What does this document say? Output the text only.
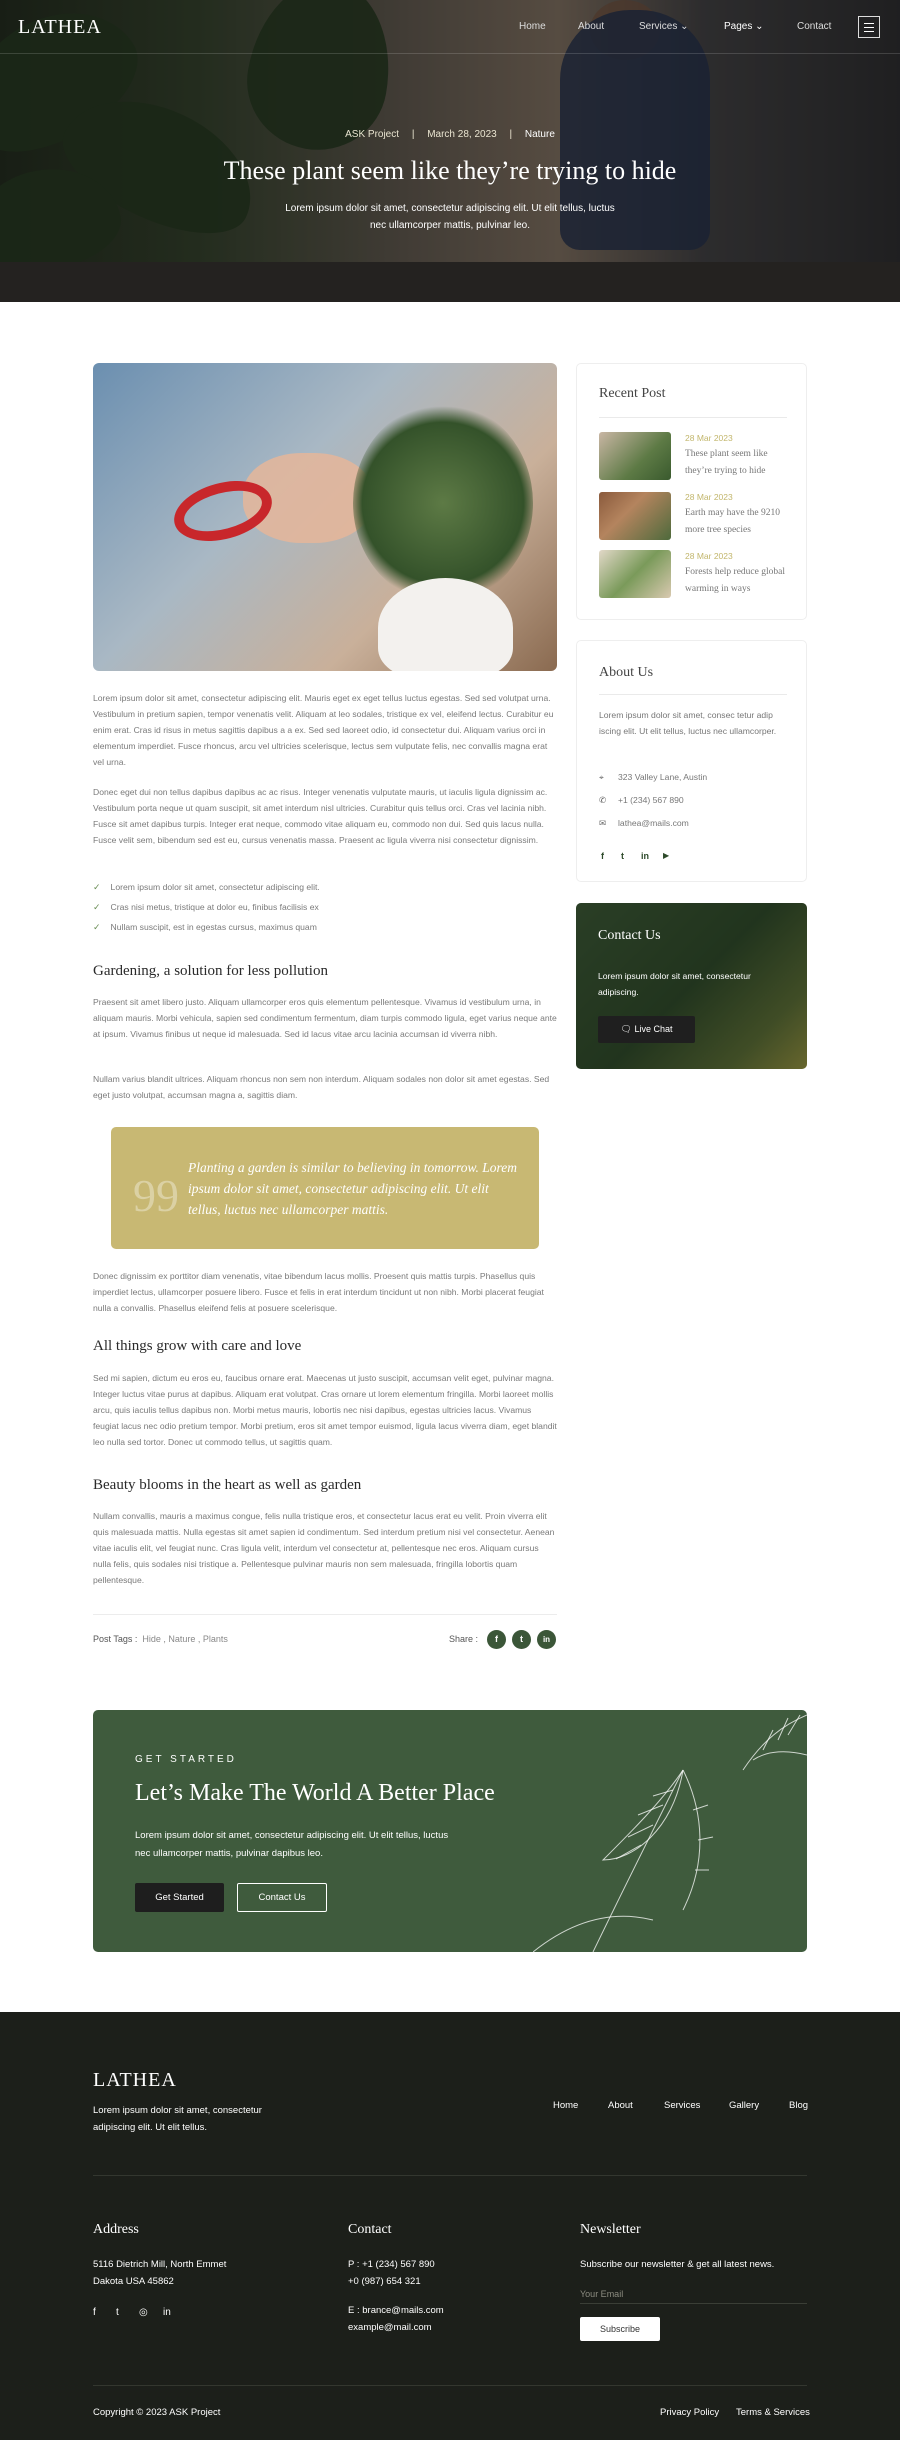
LATHEA	Home	About	Services ⌄	Pages ⌄	Contact
ASK Project | March 28, 2023 | Nature
These plant seem like they’re trying to hide
Lorem ipsum dolor sit amet, consectetur adipiscing elit. Ut elit tellus, luctus nec ullamcorper mattis, pulvinar leo.
Lorem ipsum dolor sit amet, consectetur adipiscing elit. Mauris eget ex eget tellus luctus egestas. Sed sed volutpat urna. Vestibulum in pretium sapien, tempor venenatis velit. Aliquam at leo sodales, tristique ex vel, eleifend lectus. Curabitur eu enim erat. Cras id risus in metus sagittis dapibus a a ex. Sed sed laoreet odio, id consectetur dui. Aliquam varius orci in elementum imperdiet. Fusce rhoncus, arcu vel ultricies scelerisque, lectus sem vulputate felis, nec convallis magna erat vel urna.
Donec eget dui non tellus dapibus dapibus ac ac risus. Integer venenatis vulputate mauris, ut iaculis ligula dignissim ac. Vestibulum porta neque ut quam suscipit, sit amet interdum nisl ultricies. Curabitur quis tellus orci. Cras vel lacinia nibh. Fusce sit amet dapibus turpis. Integer erat neque, commodo vitae aliquam eu, commodo non dui. Sed quis lacus nulla. Fusce velit sem, bibendum sed est eu, cursus venenatis massa. Praesent ac ligula viverra nisi consectetur dignissim.
✓ Lorem ipsum dolor sit amet, consectetur adipiscing elit.
✓ Cras nisi metus, tristique at dolor eu, finibus facilisis ex
✓ Nullam suscipit, est in egestas cursus, maximus quam
Gardening, a solution for less pollution
Praesent sit amet libero justo. Aliquam ullamcorper eros quis elementum pellentesque. Vivamus id vestibulum urna, in aliquam mauris. Morbi vehicula, sapien sed condimentum fermentum, diam turpis commodo ligula, eget varius neque ante at ipsum. Vivamus finibus ut neque id malesuada. Sed id lacus vitae arcu lacinia accumsan id viverra nibh.
Nullam varius blandit ultrices. Aliquam rhoncus non sem non interdum. Aliquam sodales non dolor sit amet egestas. Sed eget justo volutpat, accumsan magna a, sagittis diam.
99
Planting a garden is similar to believing in tomorrow. Lorem ipsum dolor sit amet, consectetur adipiscing elit. Ut elit tellus, luctus nec ullamcorper mattis.
Donec dignissim ex porttitor diam venenatis, vitae bibendum lacus mollis. Proesent quis mattis turpis. Phasellus quis imperdiet lectus, ullamcorper posuere libero. Fusce et felis in erat interdum tincidunt ut non nibh. Morbi placerat feugiat nulla a convallis. Phasellus eleifend felis at posuere scelerisque.
All things grow with care and love
Sed mi sapien, dictum eu eros eu, faucibus ornare erat. Maecenas ut justo suscipit, accumsan velit eget, pulvinar magna. Integer luctus vitae purus at dapibus. Aliquam erat volutpat. Cras ornare ut lorem elementum fringilla. Morbi laoreet mollis arcu, quis iaculis tellus dapibus non. Morbi metus mauris, lobortis nec nisi dapibus, egestas ultricies lacus. Vivamus feugiat lacus nec odio pretium tempor. Morbi pretium, eros sit amet tempor euismod, ligula lacus viverra diam, eget blandit leo nulla sed tortor. Donec ut commodo tellus, ut sagittis quam.
Beauty blooms in the heart as well as garden
Nullam convallis, mauris a maximus congue, felis nulla tristique eros, et consectetur lacus erat eu velit. Proin viverra elit quis malesuada mattis. Nulla egestas sit amet sapien id condimentum. Sed interdum pretium nisi vel consectetur. Aenean vitae iaculis elit, vel feugiat nunc. Cras ligula velit, interdum vel consectetur at, pellentesque nec eros. Aliquam cursus nulla felis, quis sodales nisi tristique a. Pellentesque pulvinar mauris non sem malesuada, fringilla lobortis quam pellentesque.
Post Tags : Hide , Nature , Plants	Share :	f	t	in
Recent Post
28 Mar 2023
These plant seem like they’re trying to hide
28 Mar 2023
Earth may have the 9210 more tree species
28 Mar 2023
Forests help reduce global warming in ways
About Us
Lorem ipsum dolor sit amet, consec tetur adip iscing elit. Ut elit tellus, luctus nec ullamcorper.
⌖ 323 Valley Lane, Austin
✆ +1 (234) 567 890
✉ lathea@mails.com
f t in ▶
Contact Us
Lorem ipsum dolor sit amet, consectetur adipiscing.
🗨 Live Chat
GET STARTED
Let’s Make The World A Better Place
Lorem ipsum dolor sit amet, consectetur adipiscing elit. Ut elit tellus, luctus nec ullamcorper mattis, pulvinar dapibus leo.
Get Started	Contact Us
LATHEA
Lorem ipsum dolor sit amet, consectetur adipiscing elit. Ut elit tellus.
Home	About	Services	Gallery	Blog
Address
5116 Dietrich Mill, North Emmet
Dakota USA 45862
f t ◎ in
Contact
P : +1 (234) 567 890
+0 (987) 654 321
E : brance@mails.com
example@mail.com
Newsletter
Subscribe our newsletter & get all latest news.
Your Email
Subscribe
Copyright © 2023 ASK Project	Privacy Policy Terms & Services
